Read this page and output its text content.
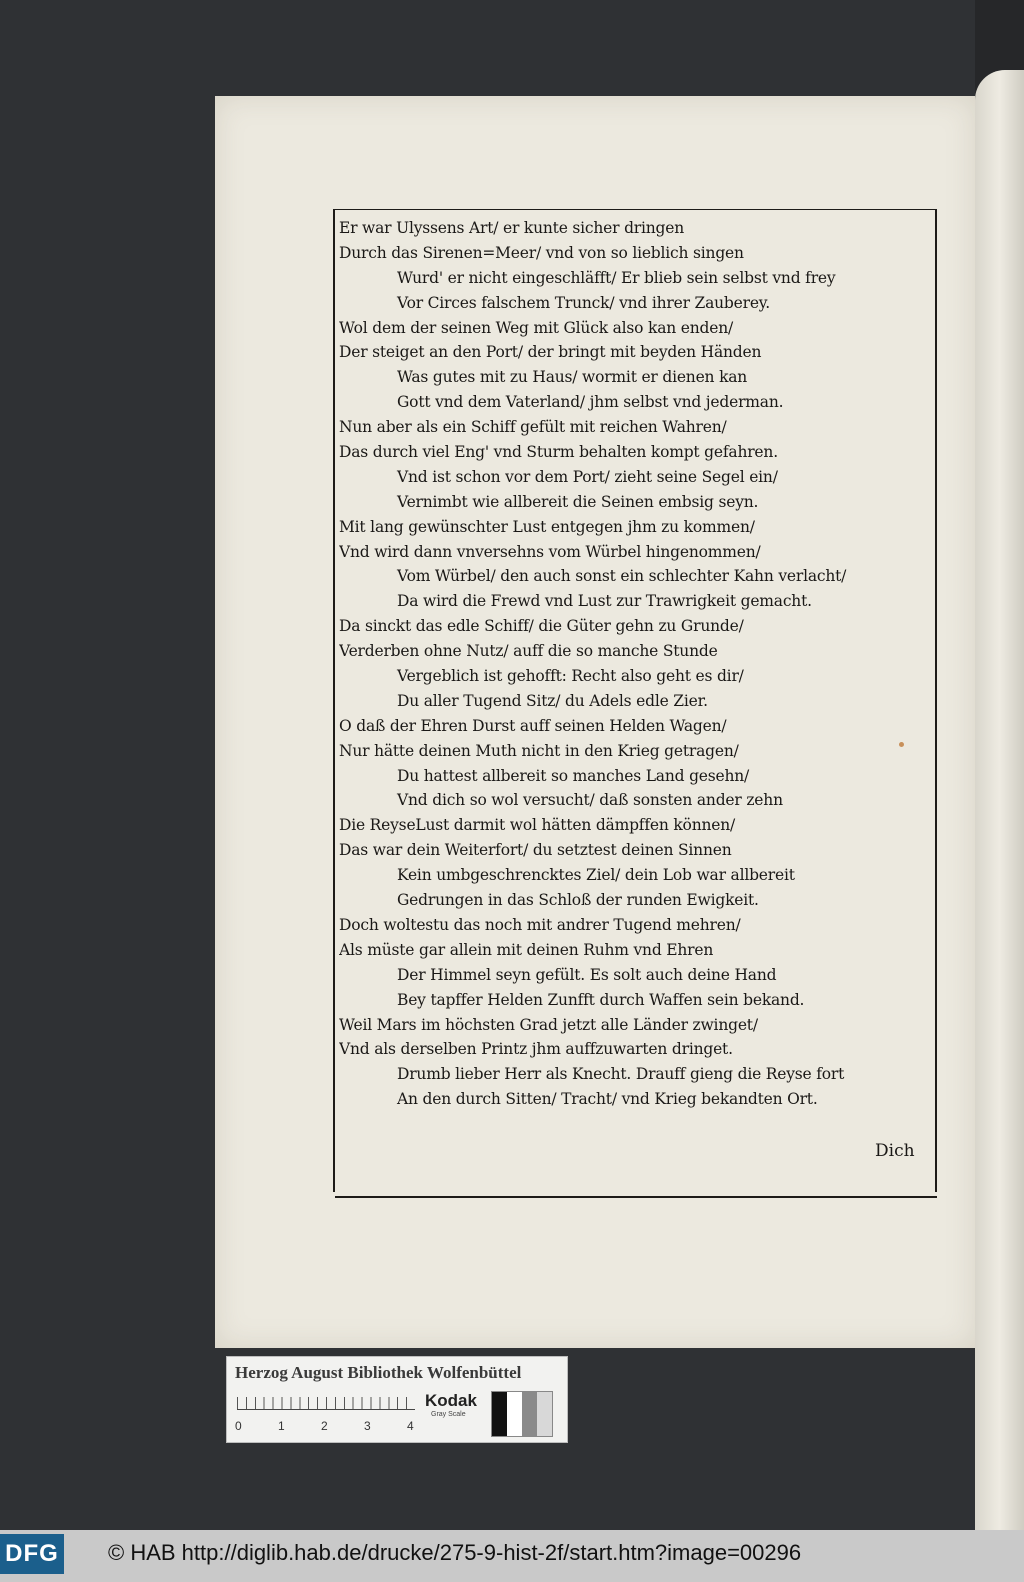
Er war Ulyssens Art/ er kunte sicher dringen
Durch das Sirenen=Meer/ vnd von so lieblich singen
Wurd' er nicht eingeschläfft/ Er blieb sein selbst vnd frey
Vor Circes falschem Trunck/ vnd ihrer Zauberey.
Wol dem der seinen Weg mit Glück also kan enden/
Der steiget an den Port/ der bringt mit beyden Händen
Was gutes mit zu Haus/ wormit er dienen kan
Gott vnd dem Vaterland/ jhm selbst vnd jederman.
Nun aber als ein Schiff gefült mit reichen Wahren/
Das durch viel Eng' vnd Sturm behalten kompt gefahren.
Vnd ist schon vor dem Port/ zieht seine Segel ein/
Vernimbt wie allbereit die Seinen embsig seyn.
Mit lang gewünschter Lust entgegen jhm zu kommen/
Vnd wird dann vnversehns vom Würbel hingenommen/
Vom Würbel/ den auch sonst ein schlechter Kahn verlacht/
Da wird die Frewd vnd Lust zur Trawrigkeit gemacht.
Da sinckt das edle Schiff/ die Güter gehn zu Grunde/
Verderben ohne Nutz/ auff die so manche Stunde
Vergeblich ist gehofft: Recht also geht es dir/
Du aller Tugend Sitz/ du Adels edle Zier.
O daß der Ehren Durst auff seinen Helden Wagen/
Nur hätte deinen Muth nicht in den Krieg getragen/
Du hattest allbereit so manches Land gesehn/
Vnd dich so wol versucht/ daß sonsten ander zehn
Die ReyseLust darmit wol hätten dämpffen können/
Das war dein Weiterfort/ du setztest deinen Sinnen
Kein umbgeschrencktes Ziel/ dein Lob war allbereit
Gedrungen in das Schloß der runden Ewigkeit.
Doch woltestu das noch mit andrer Tugend mehren/
Als müste gar allein mit deinen Ruhm vnd Ehren
Der Himmel seyn gefült. Es solt auch deine Hand
Bey tapffer Helden Zunfft durch Waffen sein bekand.
Weil Mars im höchsten Grad jetzt alle Länder zwinget/
Vnd als derselben Printz jhm auffzuwarten dringet.
Drumb lieber Herr als Knecht. Drauff gieng die Reyse fort
An den durch Sitten/ Tracht/ vnd Krieg bekandten Ort.
Dich
Herzog August Bibliothek Wolfenbüttel
0	1	2	3	4
Kodak
Gray Scale
DFG © HAB http://diglib.hab.de/drucke/275-9-hist-2f/start.htm?image=00296
